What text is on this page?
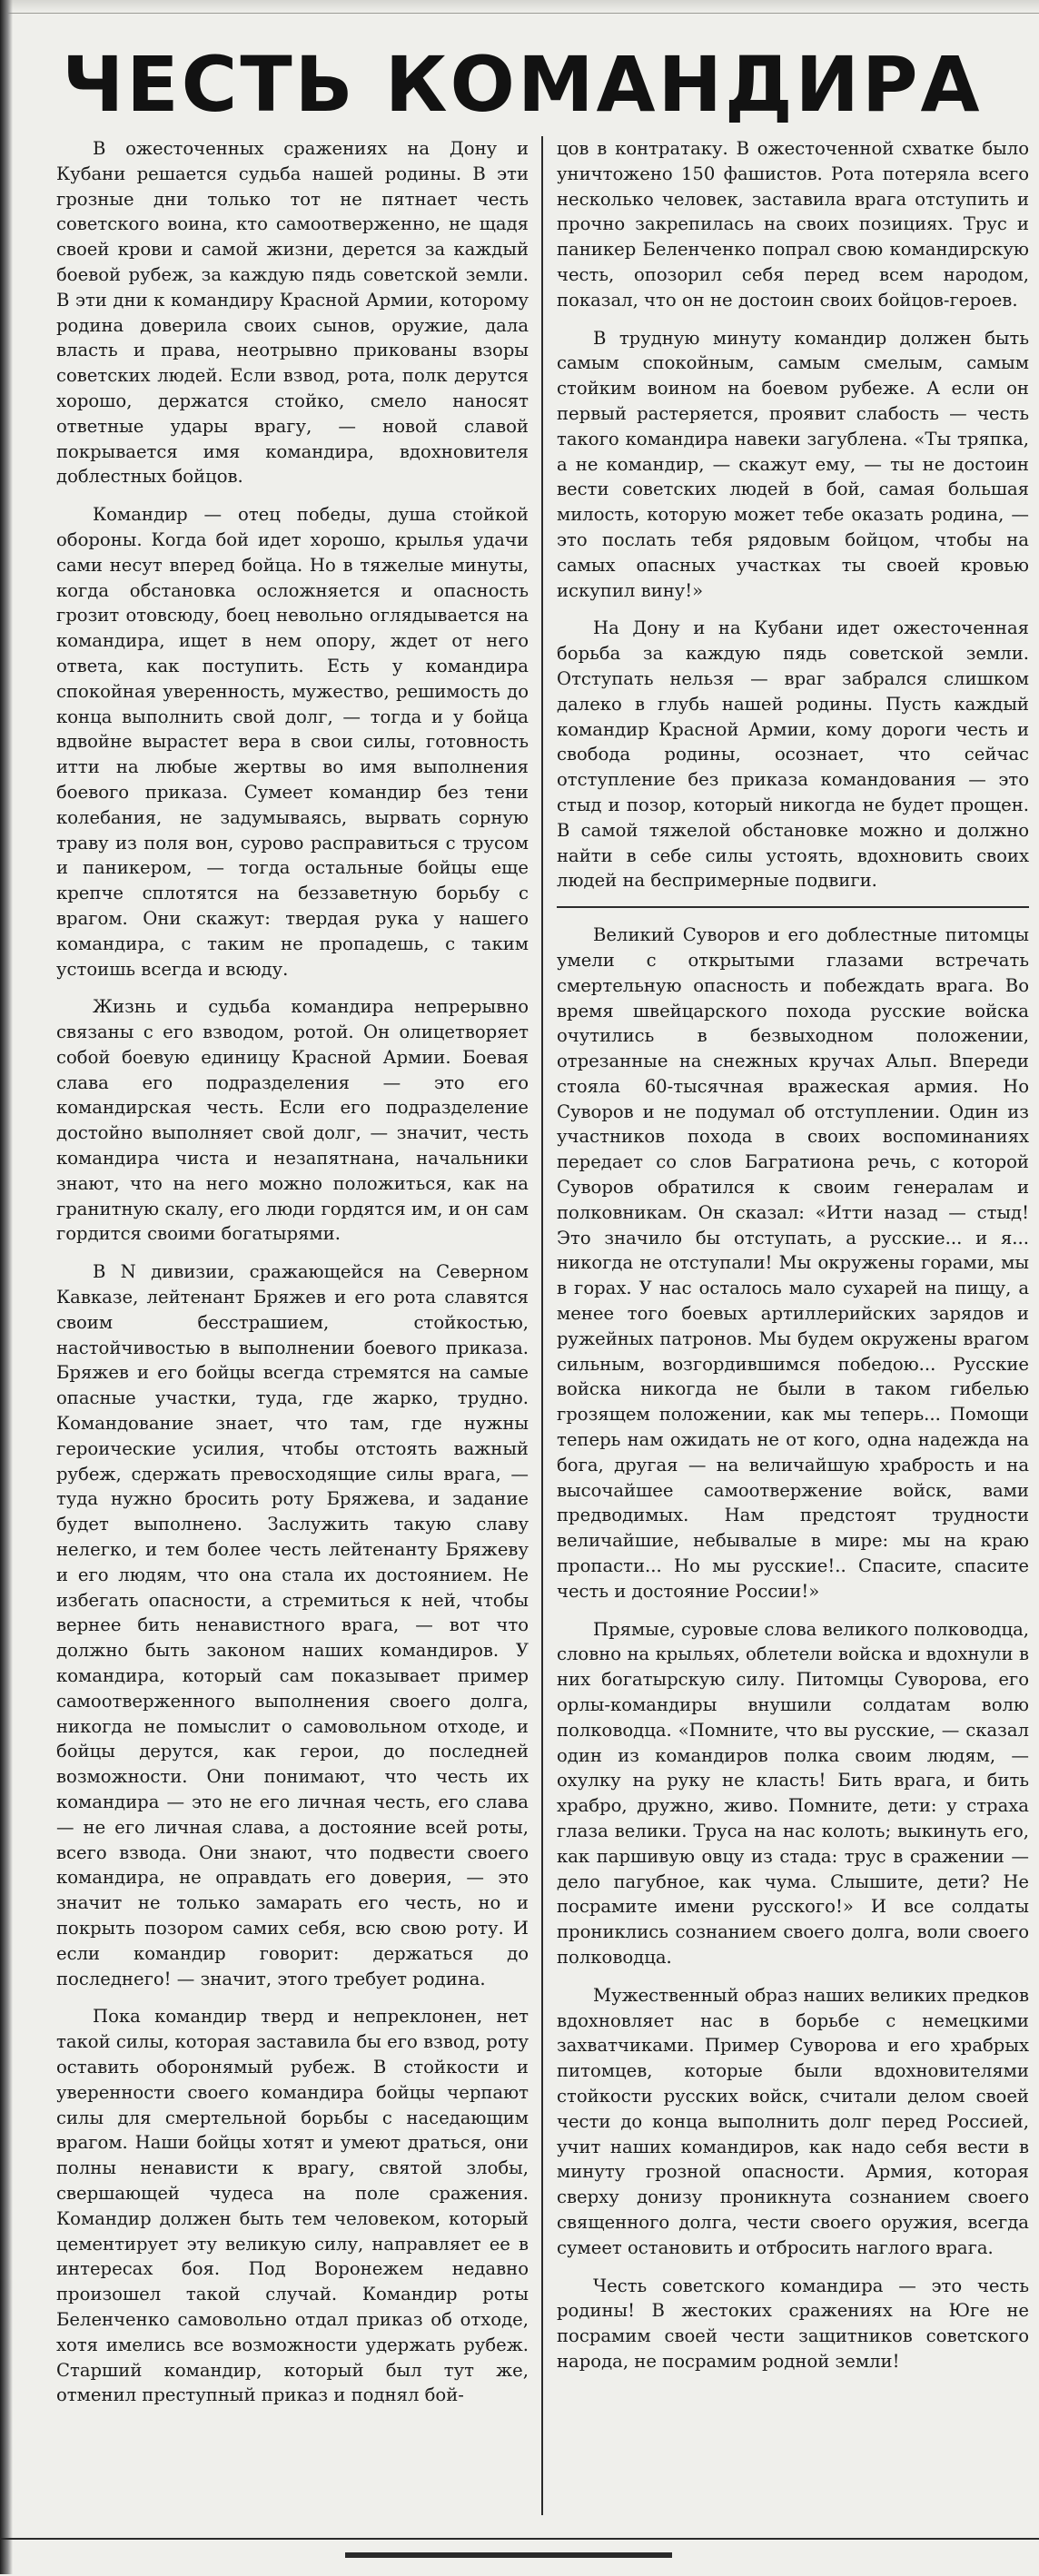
ЧЕСТЬ КОМАНДИРА

В ожесточенных сражениях на Дону и Кубани решается судьба нашей родины. В эти грозные дни только тот не пятнает честь советского воина, кто самоотверженно, не щадя своей крови и самой жизни, дерется за каждый боевой рубеж, за каждую пядь советской земли. В эти дни к командиру Красной Армии, которому родина доверила своих сынов, оружие, дала власть и права, неотрывно прикованы взоры советских людей. Если взвод, рота, полк дерутся хорошо, держатся стойко, смело наносят ответные удары врагу, — новой славой покрывается имя командира, вдохновителя доблестных бойцов.

Командир — отец победы, душа стойкой обороны. Когда бой идет хорошо, крылья удачи сами несут вперед бойца. Но в тяжелые минуты, когда обстановка осложняется и опасность грозит отовсюду, боец невольно оглядывается на командира, ищет в нем опору, ждет от него ответа, как поступить. Есть у командира спокойная уверенность, мужество, решимость до конца выполнить свой долг, — тогда и у бойца вдвойне вырастет вера в свои силы, готовность итти на любые жертвы во имя выполнения боевого приказа. Сумеет командир без тени колебания, не задумываясь, вырвать сорную траву из поля вон, сурово расправиться с трусом и паникером, — тогда остальные бойцы еще крепче сплотятся на беззаветную борьбу с врагом. Они скажут: твердая рука у нашего командира, с таким не пропадешь, с таким устоишь всегда и всюду.

Жизнь и судьба командира непрерывно связаны с его взводом, ротой. Он олицетворяет собой боевую единицу Красной Армии. Боевая слава его подразделения — это его командирская честь. Если его подразделение достойно выполняет свой долг, — значит, честь командира чиста и незапятнана, начальники знают, что на него можно положиться, как на гранитную скалу, его люди гордятся им, и он сам гордится своими богатырями.

В N дивизии, сражающейся на Северном Кавказе, лейтенант Бряжев и его рота славятся своим бесстрашием, стойкостью, настойчивостью в выполнении боевого приказа. Бряжев и его бойцы всегда стремятся на самые опасные участки, туда, где жарко, трудно. Командование знает, что там, где нужны героические усилия, чтобы отстоять важный рубеж, сдержать превосходящие силы врага, — туда нужно бросить роту Бряжева, и задание будет выполнено. Заслужить такую славу нелегко, и тем более честь лейтенанту Бряжеву и его людям, что она стала их достоянием. Не избегать опасности, а стремиться к ней, чтобы вернее бить ненавистного врага, — вот что должно быть законом наших командиров. У командира, который сам показывает пример самоотверженного выполнения своего долга, никогда не помыслит о самовольном отходе, и бойцы дерутся, как герои, до последней возможности. Они понимают, что честь их командира — это не его личная честь, его слава — не его личная слава, а достояние всей роты, всего взвода. Они знают, что подвести своего командира, не оправдать его доверия, — это значит не только замарать его честь, но и покрыть позором самих себя, всю свою роту. И если командир говорит: держаться до последнего! — значит, этого требует родина.

Пока командир тверд и непреклонен, нет такой силы, которая заставила бы его взвод, роту оставить оборонямый рубеж. В стойкости и уверенности своего командира бойцы черпают силы для смертельной борьбы с наседающим врагом. Наши бойцы хотят и умеют драться, они полны ненависти к врагу, святой злобы, свершающей чудеса на поле сражения. Командир должен быть тем человеком, который цементирует эту великую силу, направляет ее в интересах боя. Под Воронежем недавно произошел такой случай. Командир роты Беленченко самовольно отдал приказ об отходе, хотя имелись все возможности удержать рубеж. Старший командир, который был тут же, отменил преступный приказ и поднял бой-

цов в контратаку. В ожесточенной схватке было уничтожено 150 фашистов. Рота потеряла всего несколько человек, заставила врага отступить и прочно закрепилась на своих позициях. Трус и паникер Беленченко попрал свою командирскую честь, опозорил себя перед всем народом, показал, что он не достоин своих бойцов-героев.

В трудную минуту командир должен быть самым спокойным, самым смелым, самым стойким воином на боевом рубеже. А если он первый растеряется, проявит слабость — честь такого командира навеки загублена. «Ты тряпка, а не командир, — скажут ему, — ты не достоин вести советских людей в бой, самая большая милость, которую может тебе оказать родина, — это послать тебя рядовым бойцом, чтобы на самых опасных участках ты своей кровью искупил вину!»

На Дону и на Кубани идет ожесточенная борьба за каждую пядь советской земли. Отступать нельзя — враг забрался слишком далеко в глубь нашей родины. Пусть каждый командир Красной Армии, кому дороги честь и свобода родины, осознает, что сейчас отступление без приказа командования — это стыд и позор, который никогда не будет прощен. В самой тяжелой обстановке можно и должно найти в себе силы устоять, вдохновить своих людей на беспримерные подвиги.

Великий Суворов и его доблестные питомцы умели с открытыми глазами встречать смертельную опасность и побеждать врага. Во время швейцарского похода русские войска очутились в безвыходном положении, отрезанные на снежных кручах Альп. Впереди стояла 60-тысячная вражеская армия. Но Суворов и не подумал об отступлении. Один из участников похода в своих воспоминаниях передает со слов Багратиона речь, с которой Суворов обратился к своим генералам и полковникам. Он сказал: «Итти назад — стыд! Это значило бы отступать, а русские... и я... никогда не отступали! Мы окружены горами, мы в горах. У нас осталось мало сухарей на пищу, а менее того боевых артиллерийских зарядов и ружейных патронов. Мы будем окружены врагом сильным, возгордившимся победою... Русские войска никогда не были в таком гибелью грозящем положении, как мы теперь... Помощи теперь нам ожидать не от кого, одна надежда на бога, другая — на величайшую храбрость и на высочайшее самоотвержение войск, вами предводимых. Нам предстоят трудности величайшие, небывалые в мире: мы на краю пропасти... Но мы русские!.. Спасите, спасите честь и достояние России!»

Прямые, суровые слова великого полководца, словно на крыльях, облетели войска и вдохнули в них богатырскую силу. Питомцы Суворова, его орлы-командиры внушили солдатам волю полководца. «Помните, что вы русские, — сказал один из командиров полка своим людям, — охулку на руку не класть! Бить врага, и бить храбро, дружно, живо. Помните, дети: у страха глаза велики. Труса на нас колоть; выкинуть его, как паршивую овцу из стада: трус в сражении — дело пагубное, как чума. Слышите, дети? Не посрамите имени русского!» И все солдаты прониклись сознанием своего долга, воли своего полководца.

Мужественный образ наших великих предков вдохновляет нас в борьбе с немецкими захватчиками. Пример Суворова и его храбрых питомцев, которые были вдохновителями стойкости русских войск, считали делом своей чести до конца выполнить долг перед Россией, учит наших командиров, как надо себя вести в минуту грозной опасности. Армия, которая сверху донизу проникнута сознанием своего священного долга, чести своего оружия, всегда сумеет остановить и отбросить наглого врага.

Честь советского командира — это честь родины! В жестоких сражениях на Юге не посрамим своей чести защитников советского народа, не посрамим родной земли!
